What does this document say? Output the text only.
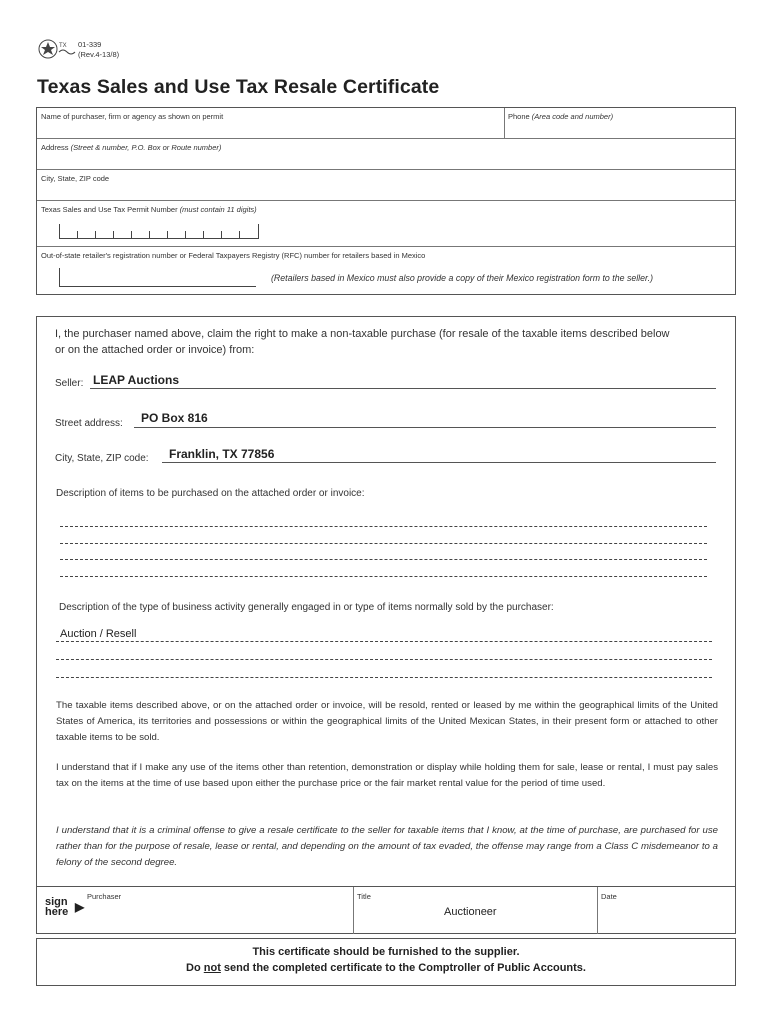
TX 01-339
(Rev.4-13/8)
Texas Sales and Use Tax Resale Certificate
Name of purchaser, firm or agency as shown on permit	Phone (Area code and number)
Address (Street & number, P.O. Box or Route number)
City, State, ZIP code
Texas Sales and Use Tax Permit Number (must contain 11 digits)
Out-of-state retailer's registration number or Federal Taxpayers Registry (RFC) number for retailers based in Mexico
(Retailers based in Mexico must also provide a copy of their Mexico registration form to the seller.)
I, the purchaser named above, claim the right to make a non-taxable purchase (for resale of the taxable items described below or on the attached order or invoice) from:
Seller: LEAP Auctions
Street address: PO Box 816
City, State, ZIP code: Franklin, TX 77856
Description of items to be purchased on the attached order or invoice:
Description of the type of business activity generally engaged in or type of items normally sold by the purchaser:
Auction / Resell
The taxable items described above, or on the attached order or invoice, will be resold, rented or leased by me within the geographical limits of the United States of America, its territories and possessions or within the geographical limits of the United Mexican States, in their present form or attached to other taxable items to be sold.
I understand that if I make any use of the items other than retention, demonstration or display while holding them for sale, lease or rental, I must pay sales tax on the items at the time of use based upon either the purchase price or the fair market rental value for the period of time used.
I understand that it is a criminal offense to give a resale certificate to the seller for taxable items that I know, at the time of purchase, are purchased for use rather than for the purpose of resale, lease or rental, and depending on the amount of tax evaded, the offense may range from a Class C misdemeanor to a felony of the second degree.
sign
here ▶
Purchaser	Title
Auctioneer
Date
This certificate should be furnished to the supplier.
Do not send the completed certificate to the Comptroller of Public Accounts.
